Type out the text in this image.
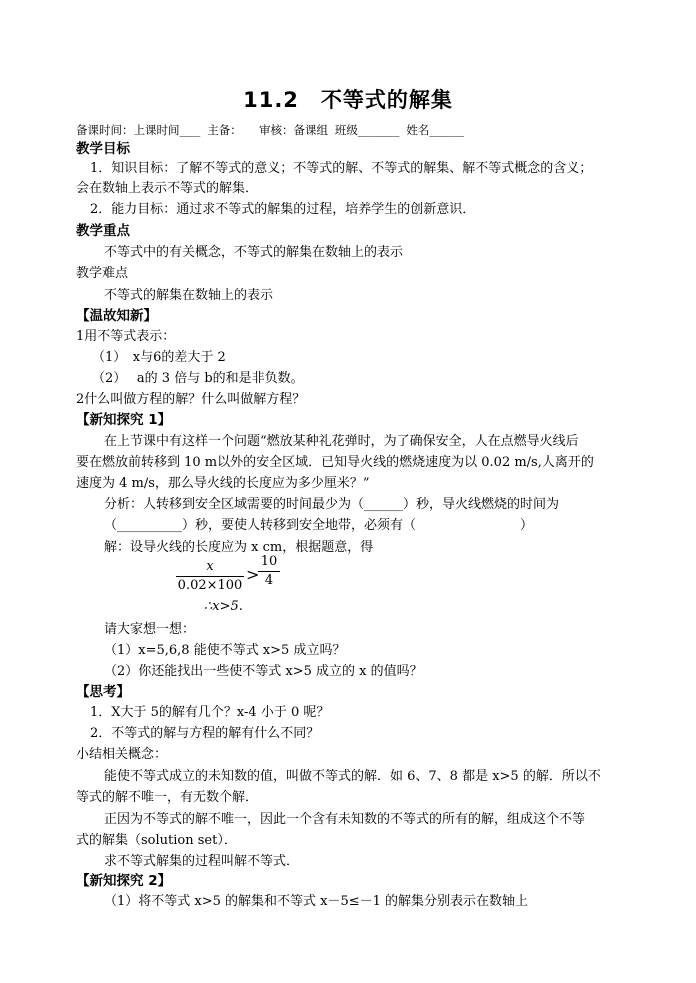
11.2　不等式的解集
备课时间：上课时间___ 主备：　　审核：备课组 班级______ 姓名_____
教学目标
1．知识目标：了解不等式的意义；不等式的解、不等式的解集、解不等式概念的含义；
会在数轴上表示不等式的解集．
2．能力目标：通过求不等式的解集的过程，培养学生的创新意识．
教学重点
不等式中的有关概念，不等式的解集在数轴上的表示
教学难点
不等式的解集在数轴上的表示
【温故知新】
1用不等式表示：
（1）　x与6的差大于 2
（2）　 a的 3 倍与 b的和是非负数。
2什么叫做方程的解？什么叫做解方程？
【新知探究 1】
在上节课中有这样一个问题“燃放某种礼花弹时，为了确保安全，人在点燃导火线后
要在燃放前转移到 10 m以外的安全区域．已知导火线的燃烧速度为以 0.02 m/s,人离开的
速度为 4 m/s，那么导火线的长度应为多少厘米？”
分析：人转移到安全区域需要的时间最少为（______）秒，导火线燃烧的时间为
（__________）秒，要使人转移到安全地带，必须有（　　　　　　　　）
解：设导火线的长度应为 x cm，根据题意，得
$\frac{x}{0.02\times 100}$ >
$\frac{10}{4}$
∴x>5.
请大家想一想：
（1）x=5,6,8 能使不等式 x>5 成立吗？
（2）你还能找出一些使不等式 x>5 成立的 x 的值吗？
【思考】
1．X大于 5的解有几个？x-4 小于 0 呢？
2．不等式的解与方程的解有什么不同？
小结相关概念：
能使不等式成立的未知数的值，叫做不等式的解．如 6、7、8 都是 x>5 的解．所以不
等式的解不唯一，有无数个解．
正因为不等式的解不唯一，因此一个含有未知数的不等式的所有的解，组成这个不等
式的解集（solution set）．
求不等式解集的过程叫解不等式．
【新知探究 2】
（1）将不等式 x>5 的解集和不等式 x－5≤－1 的解集分别表示在数轴上
